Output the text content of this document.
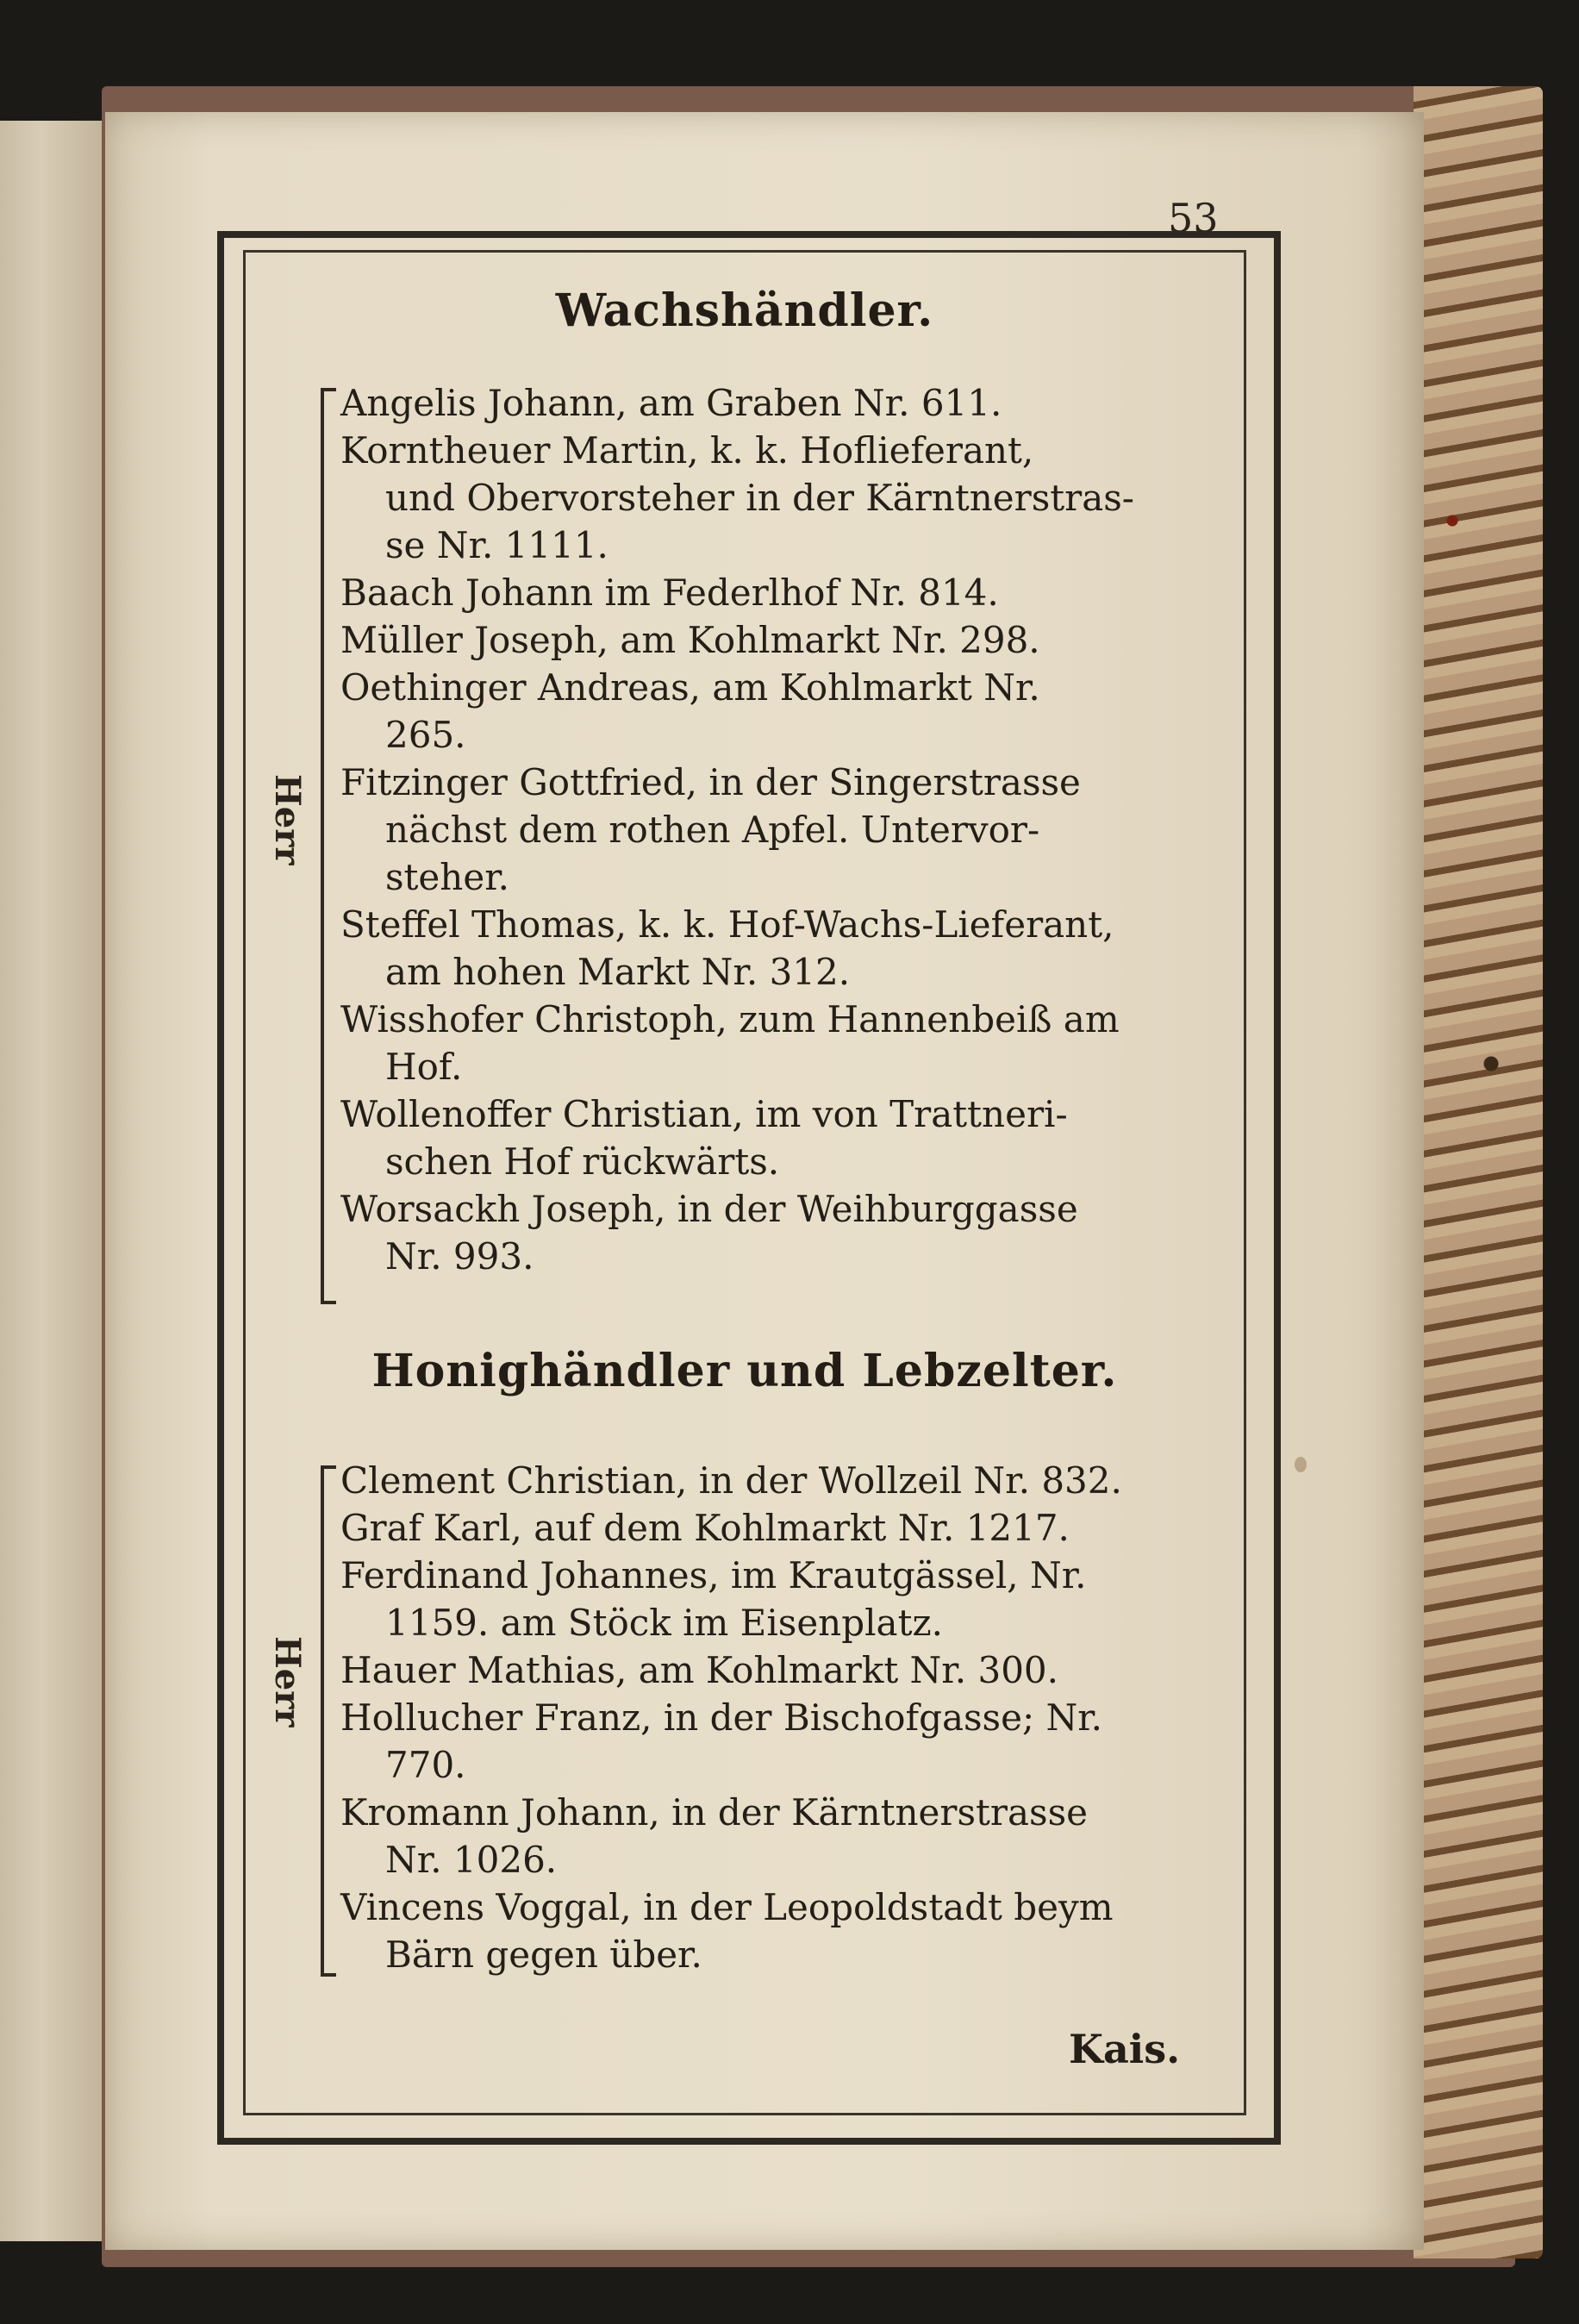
53
Wachshändler.
Angelis Johann, am Graben Nr. 611.
Kornthеuer Martin, k. k. Hoflieferant,
und Obervorsteher in der Kärntnerstras-
se Nr. 1111.
Baach Johann im Federlhof Nr. 814.
Müller Joseph, am Kohlmarkt Nr. 298.
Oethinger Andreas, am Kohlmarkt Nr.
265.
Fitzinger Gottfried, in der Singerstrasse
nächst dem rothen Apfel. Untervor-
steher.
Steffel Thomas, k. k. Hof-Wachs-Lieferant,
am hohen Markt Nr. 312.
Wisshofer Christoph, zum Hannenbeiß am
Hof.
Wollenoffer Christian, im von Trattneri-
schen Hof rückwärts.
Worsackh Joseph, in der Weihburggasse
Nr. 993.
Honighändler und Lebzelter.
Clement Christian, in der Wollzeil Nr. 832.
Graf Karl, auf dem Kohlmarkt Nr. 1217.
Ferdinand Johannes, im Krautgässel, Nr.
1159. am Stöck im Eisenplatz.
Hauer Mathias, am Kohlmarkt Nr. 300.
Hollucher Franz, in der Bischofgasse; Nr.
770.
Kromann Johann, in der Kärntnerstrasse
Nr. 1026.
Vincens Voggal, in der Leopoldstadt beym
Bärn gegen über.
Kais.
